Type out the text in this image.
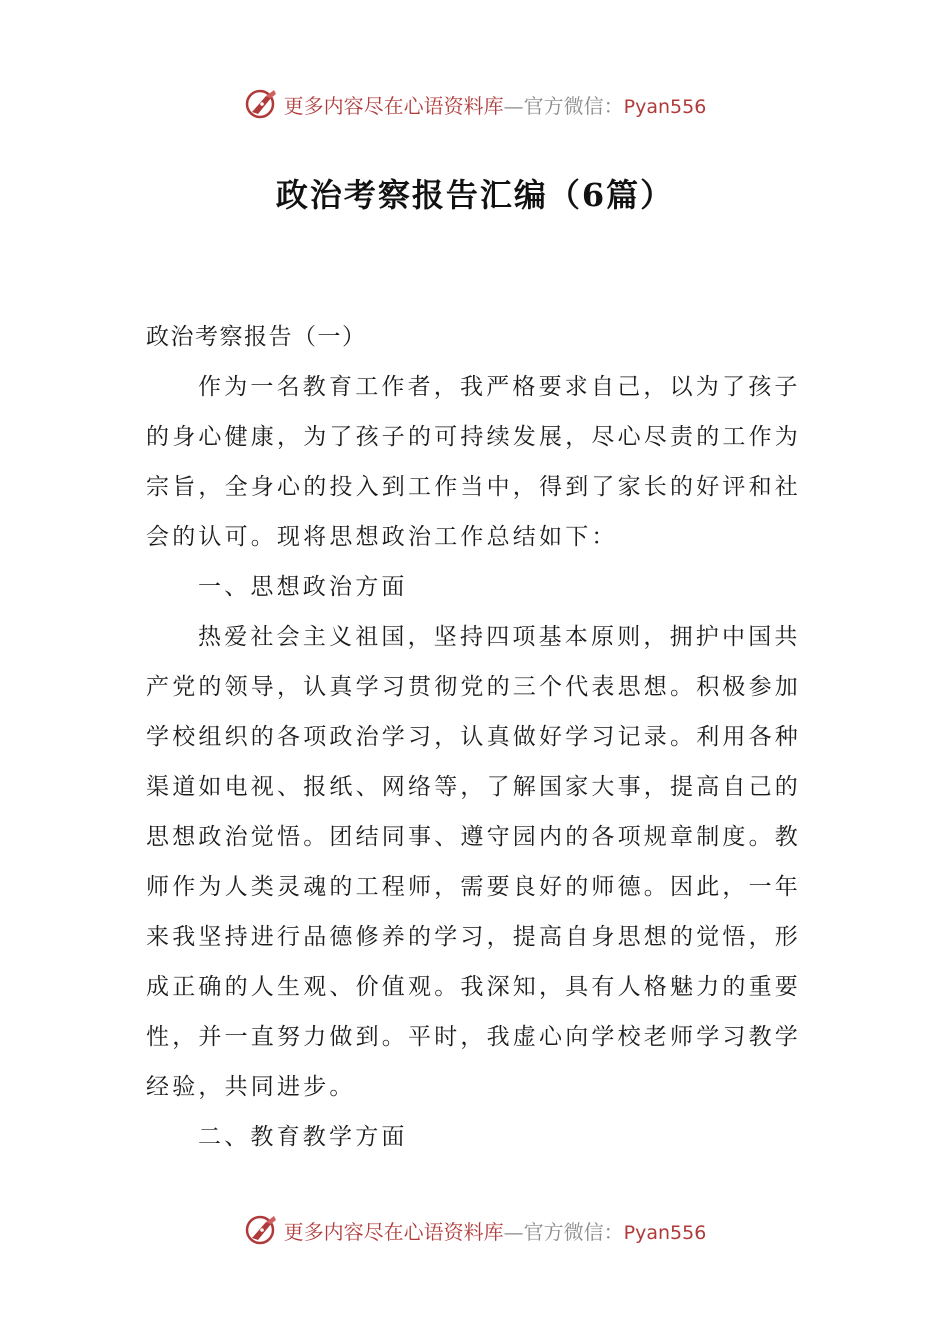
更多内容尽在心语资料库—官方微信：Pyan556
政治考察报告汇编（6篇）
政治考察报告（一）
作为一名教育工作者，我严格要求自己，以为了孩子
的身心健康，为了孩子的可持续发展，尽心尽责的工作为
宗旨，全身心的投入到工作当中，得到了家长的好评和社
会的认可。现将思想政治工作总结如下：
一、思想政治方面
热爱社会主义祖国，坚持四项基本原则，拥护中国共
产党的领导，认真学习贯彻党的三个代表思想。积极参加
学校组织的各项政治学习，认真做好学习记录。利用各种
渠道如电视、报纸、网络等，了解国家大事，提高自己的
思想政治觉悟。团结同事、遵守园内的各项规章制度。教
师作为人类灵魂的工程师，需要良好的师德。因此，一年
来我坚持进行品德修养的学习，提高自身思想的觉悟，形
成正确的人生观、价值观。我深知，具有人格魅力的重要
性，并一直努力做到。平时，我虚心向学校老师学习教学
经验，共同进步。
二、教育教学方面
更多内容尽在心语资料库—官方微信：Pyan556
